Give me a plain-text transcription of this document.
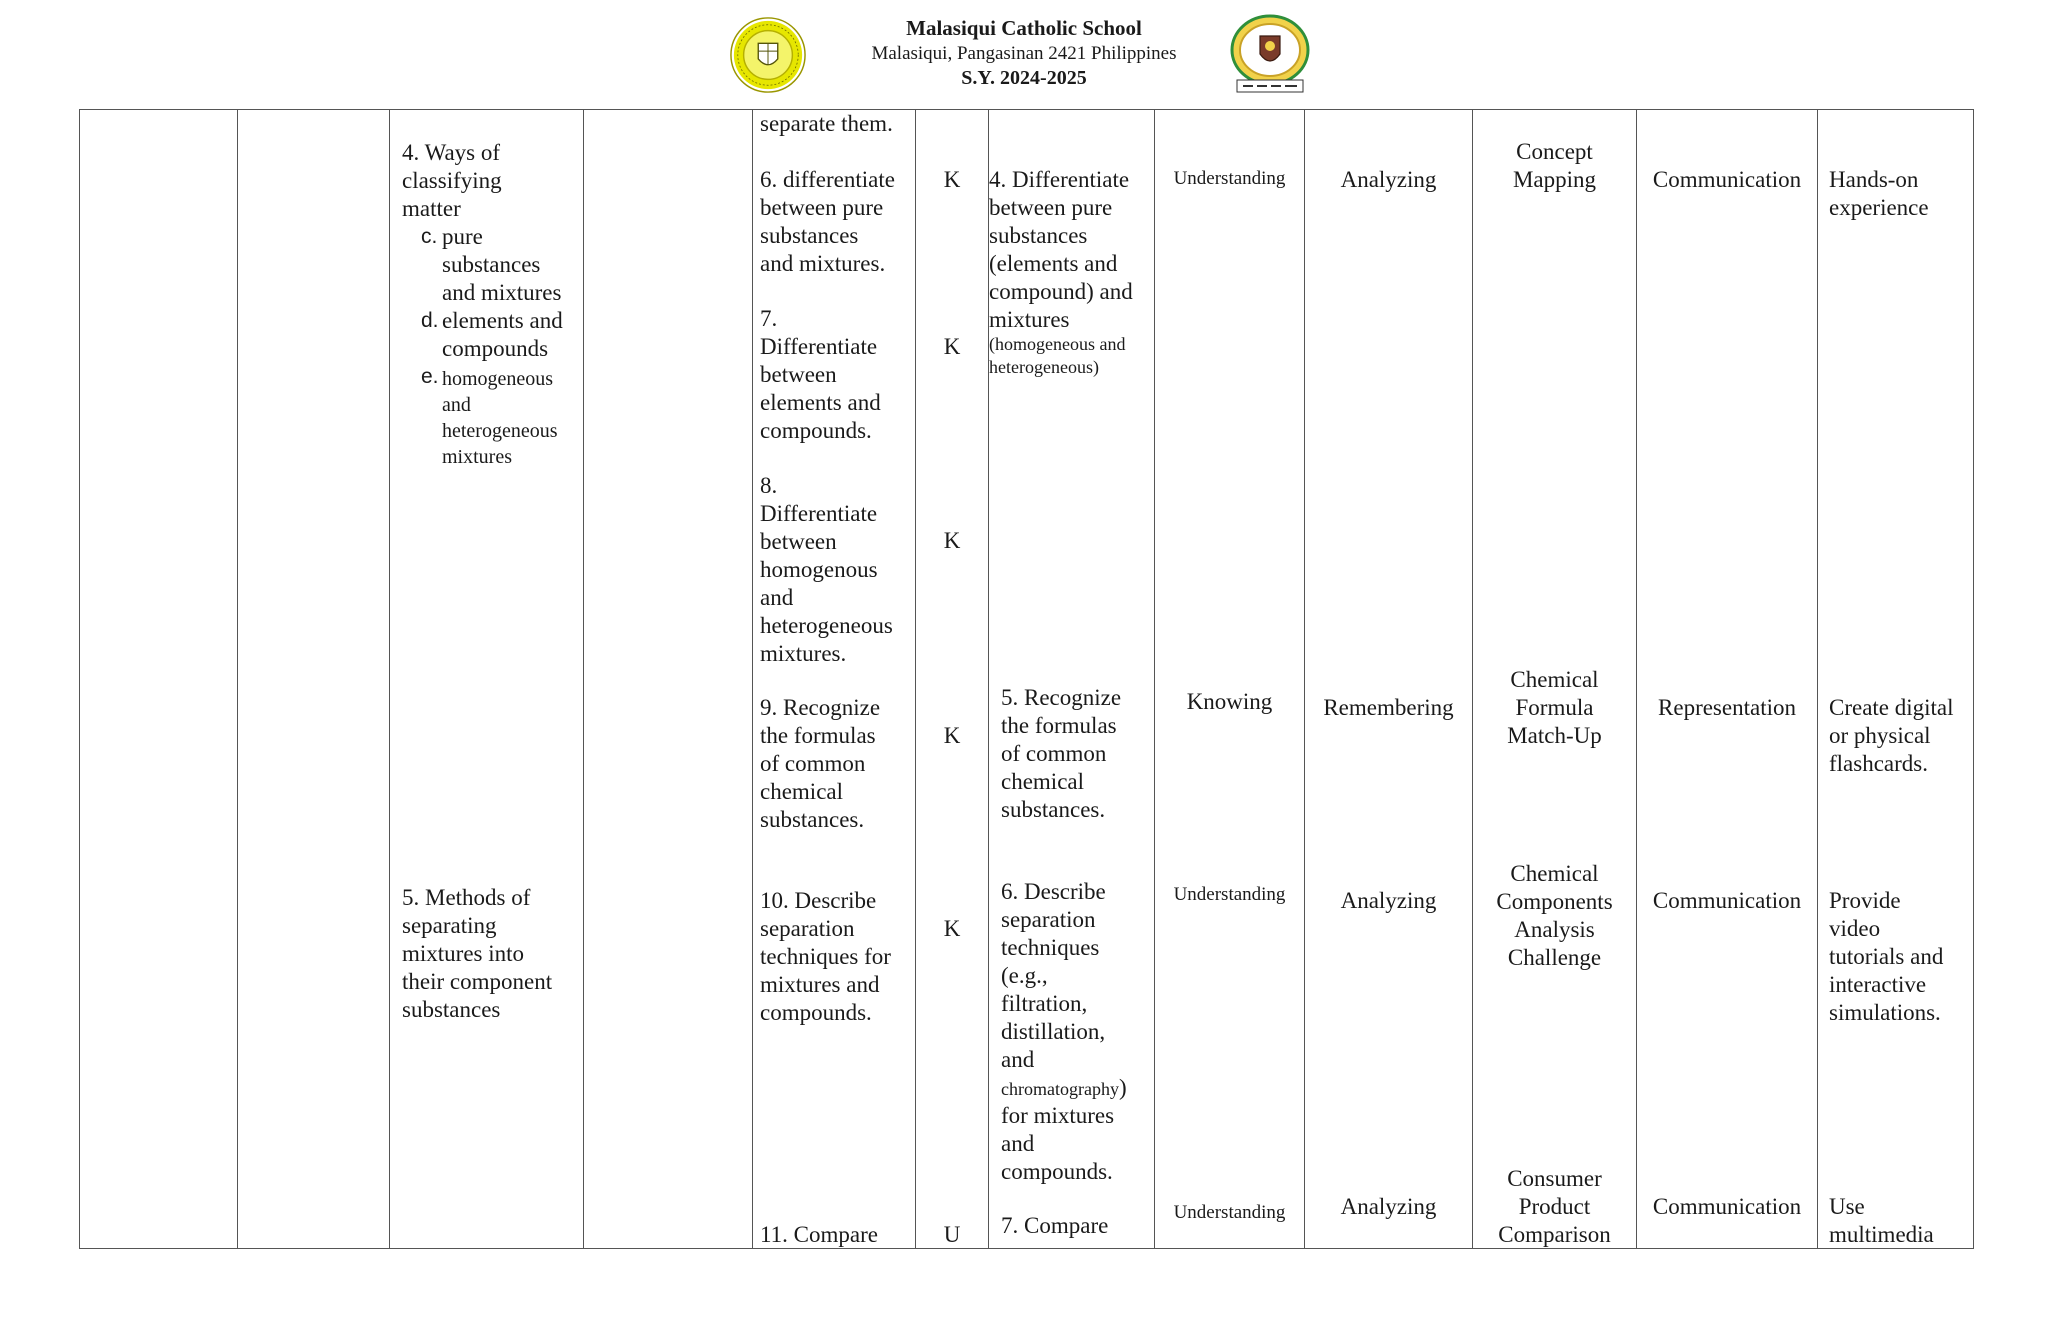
Malasiqui Catholic School
Malasiqui, Pangasinan 2421 Philippines
S.Y. 2024-2025
4. Ways of
classifying
matter
c. pure
substances
and mixtures
d. elements and
compounds
e. homogeneous
and
heterogeneous
mixtures
5. Methods of
separating
mixtures into
their component
substances
separate them.
6. differentiate
between pure
substances
and mixtures.
7.
Differentiate
between
elements and
compounds.
8.
Differentiate
between
homogenous
and
heterogeneous
mixtures.
9. Recognize
the formulas
of common
chemical
substances.
10. Describe
separation
techniques for
mixtures and
compounds.
11. Compare
K
K
K
K
K
U
4. Differentiate
between pure
substances
(elements and
compound) and
mixtures
(homogeneous and
heterogeneous)
5. Recognize
the formulas
of common
chemical
substances.
6. Describe
separation
techniques
(e.g.,
filtration,
distillation,
and
chromatography)
for mixtures
and
compounds.
7. Compare
Understanding
Knowing
Understanding
Understanding
Analyzing
Remembering
Analyzing
Analyzing
Concept
Mapping
Chemical
Formula
Match-Up
Chemical
Components
Analysis
Challenge
Consumer
Product
Comparison
Communication
Representation
Communication
Communication
Hands-on
experience
Create digital
or physical
flashcards.
Provide
video
tutorials and
interactive
simulations.
Use
multimedia
